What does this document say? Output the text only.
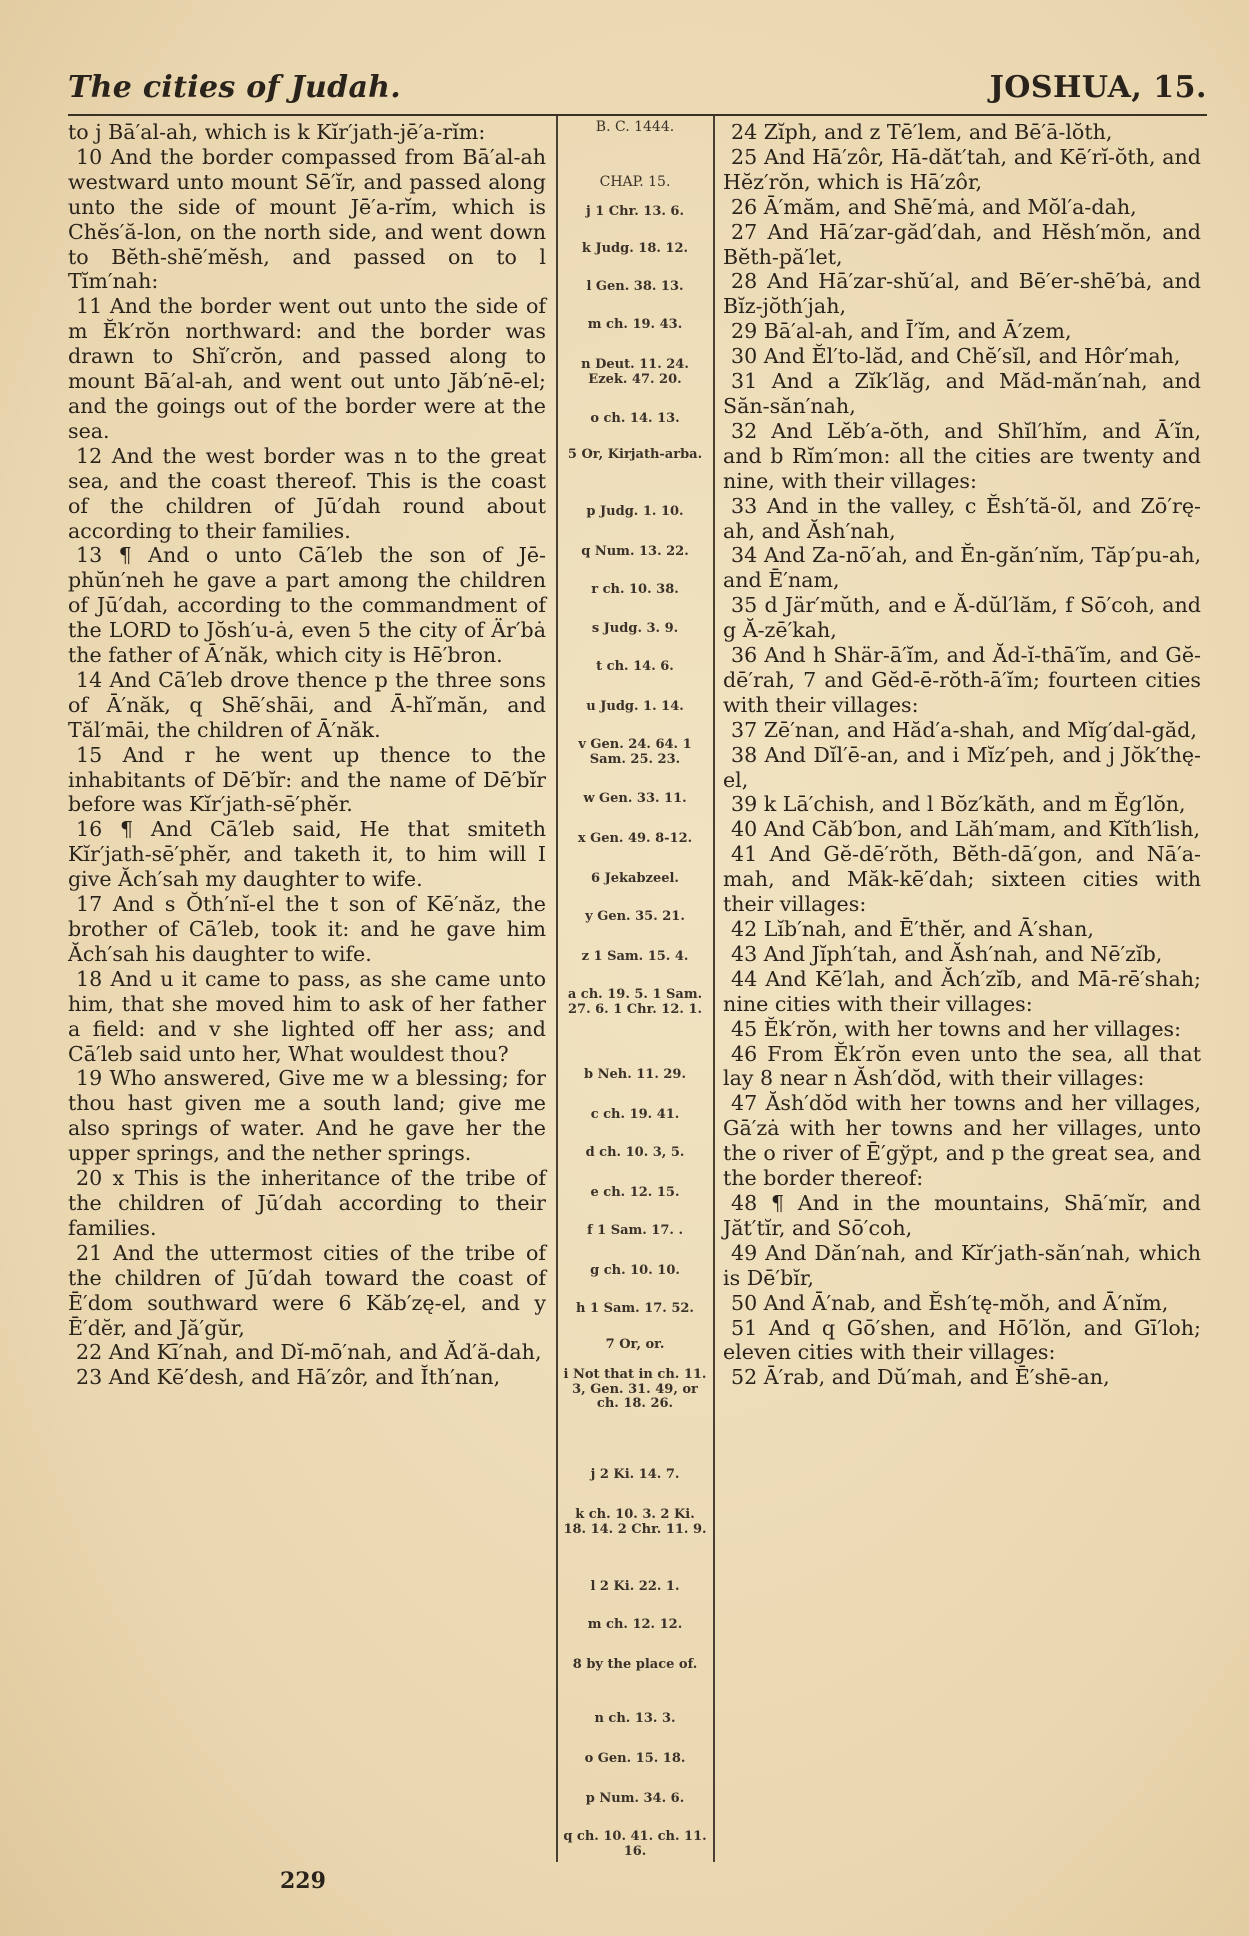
The cities of Judah.	JOSHUA, 15.

to j Bā′al-ah, which is k Kĭr′jath-jē′a-rĭm:

10 And the border compassed from Bā′al-ah westward unto mount Sē′ĭr, and passed along unto the side of mount Jē′a-rĭm, which is Chĕs′ă-lon, on the north side, and went down to Bĕth-shē′mĕsh, and passed on to l Tĭm′nah:

11 And the border went out unto the side of m Ĕk′rŏn northward: and the border was drawn to Shĭ′crŏn, and passed along to mount Bā′al-ah, and went out unto Jăb′nē-el; and the goings out of the border were at the sea.

12 And the west border was n to the great sea, and the coast thereof. This is the coast of the children of Jū′dah round about according to their families.

13 ¶ And o unto Cā′leb the son of Jē-phŭn′neh he gave a part among the children of Jū′dah, according to the commandment of the LORD to Jŏsh′u-ȧ, even 5 the city of Är′bȧ the father of Ā′năk, which city is Hē′bron.

14 And Cā′leb drove thence p the three sons of Ā′năk, q Shē′shāi, and Ā-hĭ′măn, and Tăl′māi, the children of Ā′năk.

15 And r he went up thence to the inhabitants of Dē′bĭr: and the name of Dē′bĭr before was Kĭr′jath-sē′phĕr.

16 ¶ And Cā′leb said, He that smiteth Kĭr′jath-sē′phĕr, and taketh it, to him will I give Ăch′sah my daughter to wife.

17 And s Ŏth′nĭ-el the t son of Kē′năz, the brother of Cā′leb, took it: and he gave him Ăch′sah his daughter to wife.

18 And u it came to pass, as she came unto him, that she moved him to ask of her father a field: and v she lighted off her ass; and Cā′leb said unto her, What wouldest thou?

19 Who answered, Give me w a blessing; for thou hast given me a south land; give me also springs of water. And he gave her the upper springs, and the nether springs.

20 x This is the inheritance of the tribe of the children of Jū′dah according to their families.

21 And the uttermost cities of the tribe of the children of Jū′dah toward the coast of Ē′dom southward were 6 Kăb′zę-el, and y Ē′dĕr, and Jă′gŭr,

22 And Kī′nah, and Dĭ-mō′nah, and Ăd′ă-dah,

23 And Kē′desh, and Hā′zôr, and Ĭth′nan,

B. C. 1444.
CHAP. 15.
j 1 Chr. 13. 6.
k Judg. 18. 12.
l Gen. 38. 13.
m ch. 19. 43.
n Deut. 11. 24. Ezek. 47. 20.
o ch. 14. 13.
5 Or, Kirjath-arba.
p Judg. 1. 10.
q Num. 13. 22.
r ch. 10. 38.
s Judg. 3. 9.
t ch. 14. 6.
u Judg. 1. 14.
v Gen. 24. 64. 1 Sam. 25. 23.
w Gen. 33. 11.
x Gen. 49. 8-12.
6 Jekabzeel.
y Gen. 35. 21.
z 1 Sam. 15. 4.
a ch. 19. 5. 1 Sam. 27. 6. 1 Chr. 12. 1.
b Neh. 11. 29.
c ch. 19. 41.
d ch. 10. 3, 5.
e ch. 12. 15.
f 1 Sam. 17. .
g ch. 10. 10.
h 1 Sam. 17. 52.
7 Or, or.
i Not that in ch. 11. 3, Gen. 31. 49, or ch. 18. 26.
j 2 Ki. 14. 7.
k ch. 10. 3. 2 Ki. 18. 14. 2 Chr. 11. 9.
l 2 Ki. 22. 1.
m ch. 12. 12.
8 by the place of.
n ch. 13. 3.
o Gen. 15. 18.
p Num. 34. 6.
q ch. 10. 41. ch. 11. 16.

24 Zĭph, and z Tē′lem, and Bē′ā-lŏth,

25 And Hā′zôr, Hā-dăt′tah, and Kē′rĭ-ŏth, and Hĕz′rŏn, which is Hā′zôr,

26 Ā′măm, and Shē′mȧ, and Mŏl′a-dah,

27 And Hā′zar-găd′dah, and Hĕsh′mŏn, and Bĕth-pă′let,

28 And Hā′zar-shŭ′al, and Bē′er-shē′bȧ, and Bĭz-jŏth′jah,

29 Bā′al-ah, and Ī′ĭm, and Ā′zem,

30 And Ĕl′to-lăd, and Chĕ′sĭl, and Hôr′mah,

31 And a Zĭk′lăg, and Măd-măn′nah, and Săn-săn′nah,

32 And Lĕb′a-ŏth, and Shĭl′hĭm, and Ā′ĭn, and b Rĭm′mon: all the cities are twenty and nine, with their villages:

33 And in the valley, c Ĕsh′tă-ŏl, and Zō′rę-ah, and Ăsh′nah,

34 And Za-nō′ah, and Ĕn-găn′nĭm, Tăp′pu-ah, and Ē′nam,

35 d Jär′mŭth, and e Ă-dŭl′lăm, f Sō′coh, and g Ă-zē′kah,

36 And h Shär-ā′ĭm, and Ăd-ĭ-thā′ĭm, and Gĕ-dē′rah, 7 and Gĕd-ē-rŏth-ā′ĭm; fourteen cities with their villages:

37 Zē′nan, and Hăd′a-shah, and Mĭg′dal-găd,

38 And Dĭl′ē-an, and i Mĭz′peh, and j Jŏk′thę-el,

39 k Lā′chish, and l Bŏz′kăth, and m Ĕg′lŏn,

40 And Căb′bon, and Lăh′mam, and Kĭth′lish,

41 And Gĕ-dē′rŏth, Bĕth-dā′gon, and Nā′a-mah, and Măk-kē′dah; sixteen cities with their villages:

42 Lĭb′nah, and Ē′thĕr, and Ā′shan,

43 And Jĭph′tah, and Ăsh′nah, and Nē′zĭb,

44 And Kē′lah, and Ăch′zĭb, and Mā-rē′shah; nine cities with their villages:

45 Ĕk′rŏn, with her towns and her villages:

46 From Ĕk′rŏn even unto the sea, all that lay 8 near n Ăsh′dŏd, with their villages:

47 Ăsh′dŏd with her towns and her villages, Gā′zȧ with her towns and her villages, unto the o river of Ē′gўpt, and p the great sea, and the border thereof:

48 ¶ And in the mountains, Shā′mĭr, and Jăt′tĭr, and Sō′coh,

49 And Dăn′nah, and Kĭr′jath-săn′nah, which is Dē′bĭr,

50 And Ā′nab, and Ĕsh′tę-mŏh, and Ā′nĭm,

51 And q Gō′shen, and Hō′lŏn, and Gī′loh; eleven cities with their villages:

52 Ā′rab, and Dŭ′mah, and Ē′shē-an,

229
